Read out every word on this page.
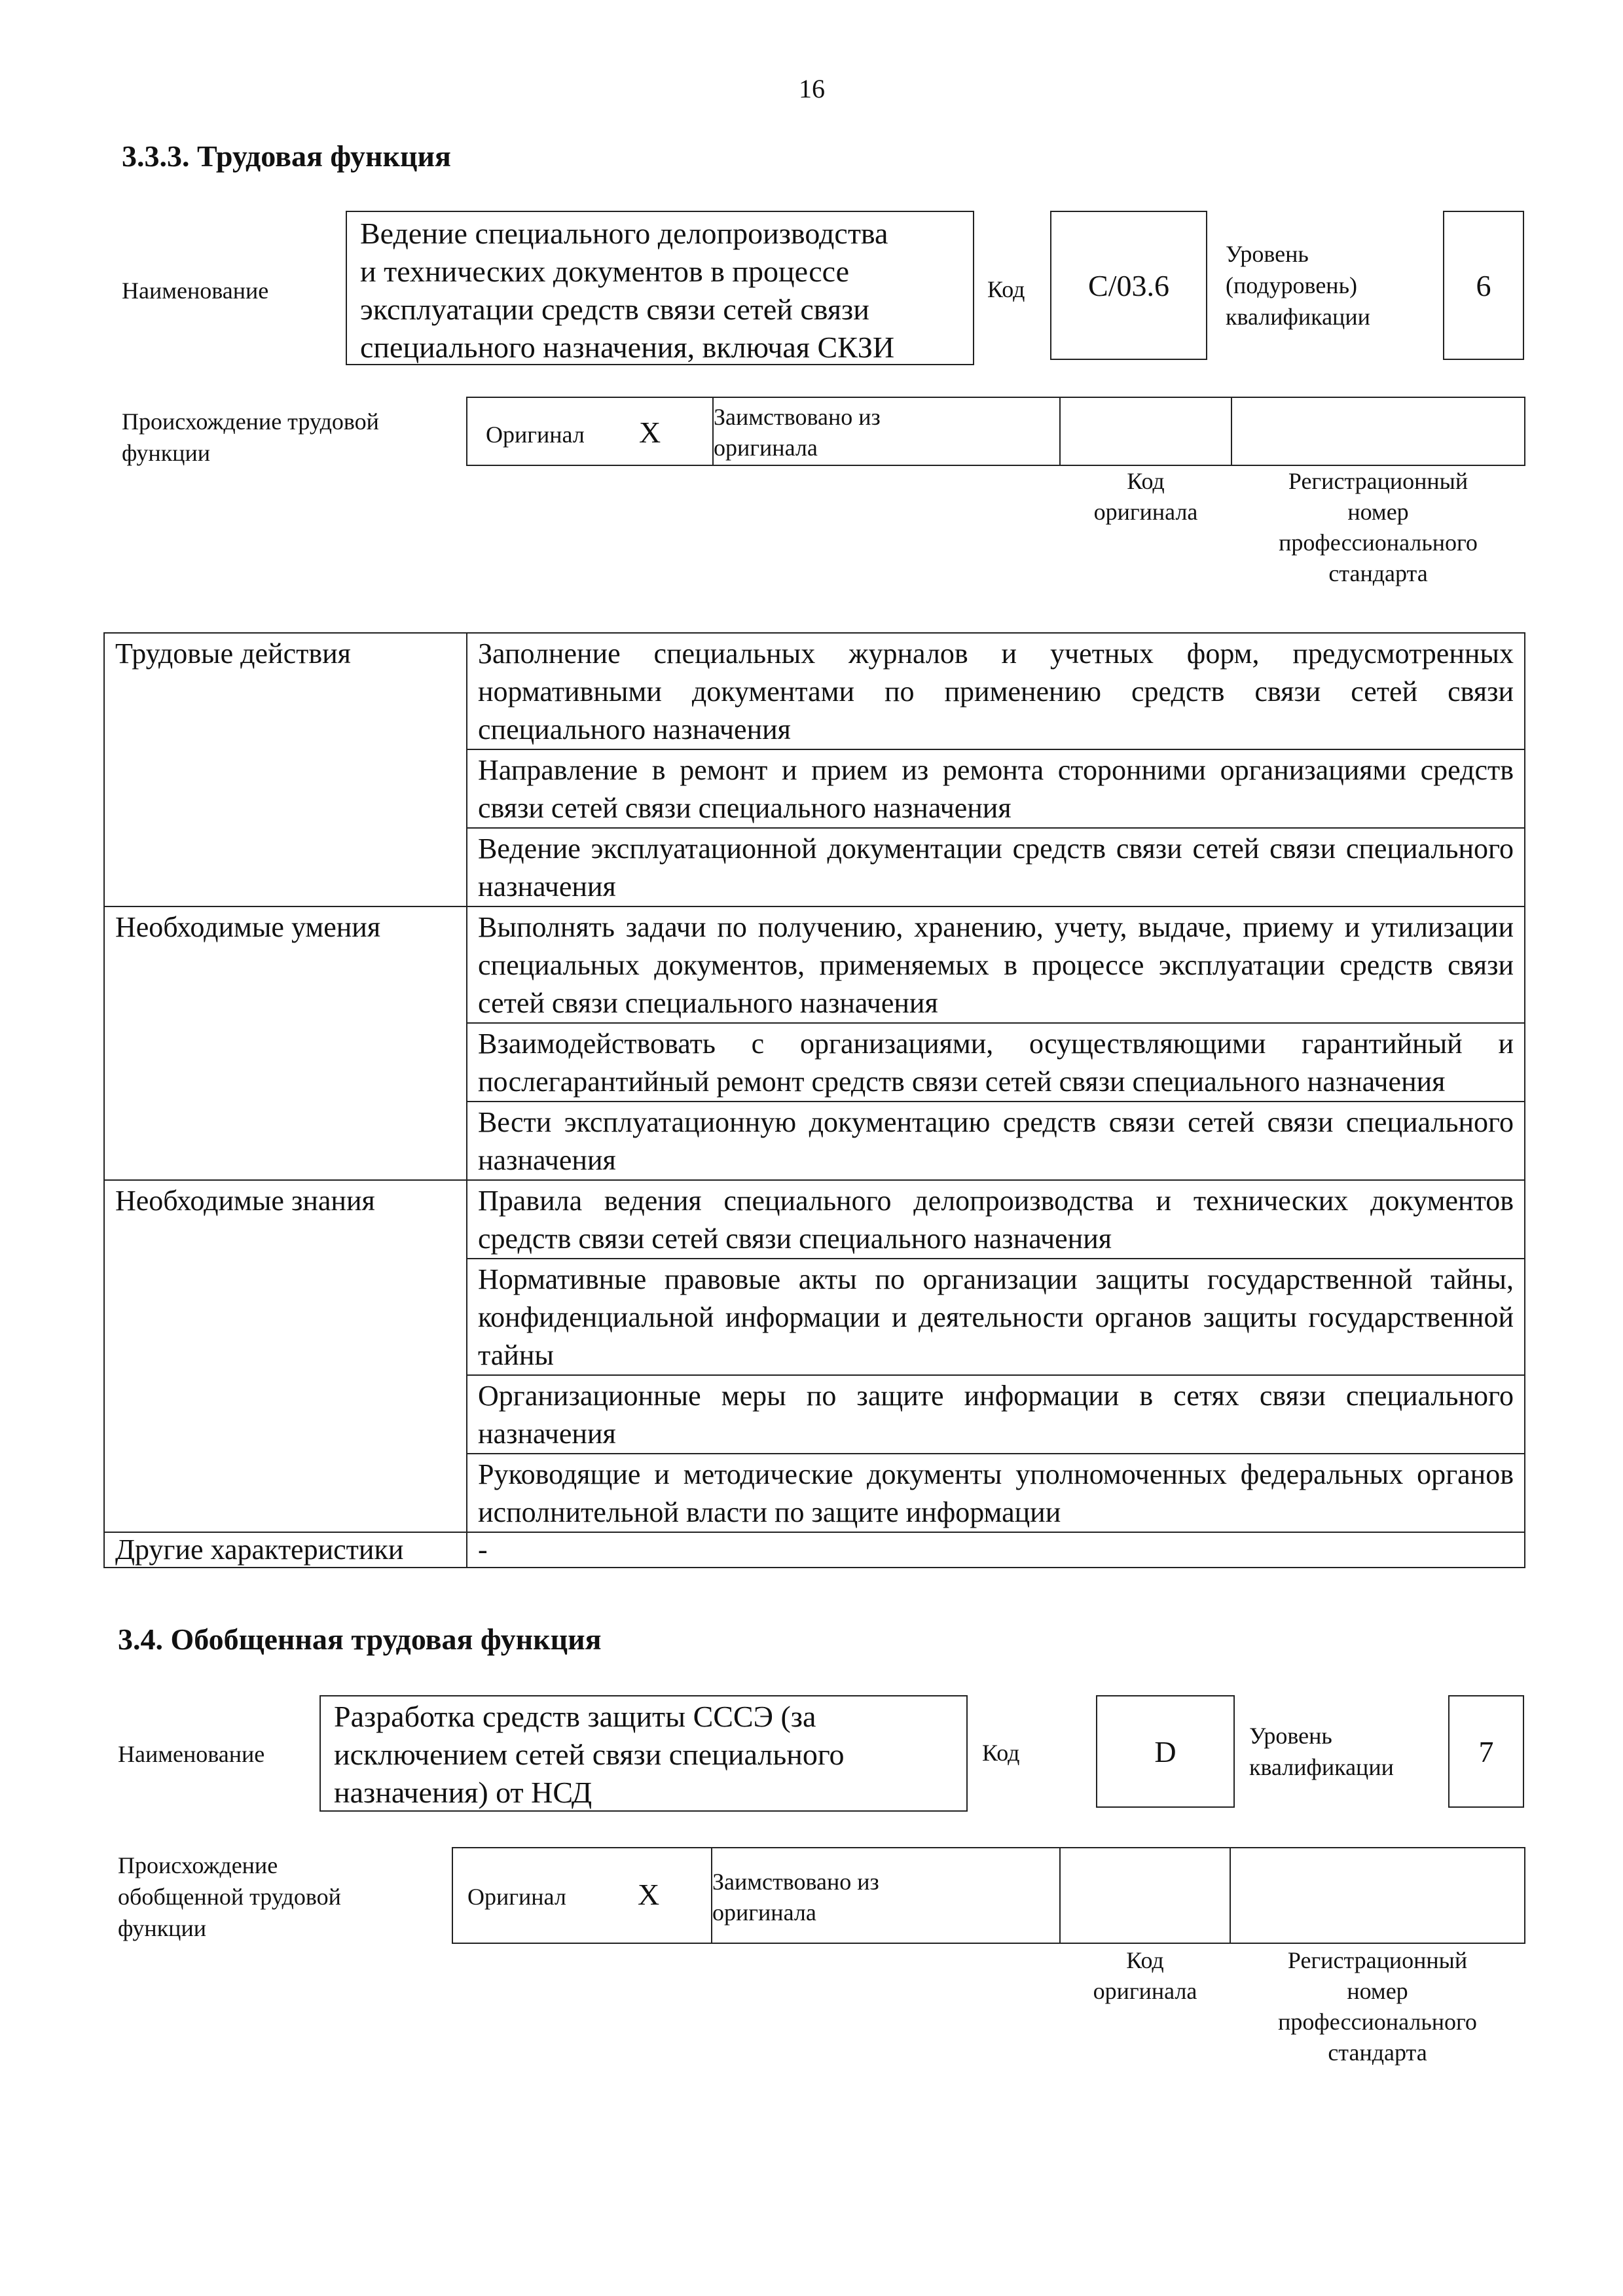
16
3.3.3. Трудовая функция
Наименование
Ведение специального делопроизводства
и технических документов в процессе
эксплуатации средств связи сетей связи
специального назначения, включая СКЗИ
Код C/03.6
Уровень
(подуровень)
квалификации
6
Происхождение трудовой
функции
Оригинал X Заимствовано из
оригинала
Код
оригинала
Регистрационный
номер
профессионального
стандарта
Трудовые действия	Заполнение специальных журналов и учетных форм, предусмотренных нормативными документами по применению средств связи сетей связи специального назначения
	Направление в ремонт и прием из ремонта сторонними организациями средств связи сетей связи специального назначения
	Ведение эксплуатационной документации средств связи сетей связи специального назначения
Необходимые умения	Выполнять задачи по получению, хранению, учету, выдаче, приему и утилизации специальных документов, применяемых в процессе эксплуатации средств связи сетей связи специального назначения
	Взаимодействовать с организациями, осуществляющими гарантийный и послегарантийный ремонт средств связи сетей связи специального назначения
	Вести эксплуатационную документацию средств связи сетей связи специального назначения
Необходимые знания	Правила ведения специального делопроизводства и технических документов средств связи сетей связи специального назначения
	Нормативные правовые акты по организации защиты государственной тайны, конфиденциальной информации и деятельности органов защиты государственной тайны
	Организационные меры по защите информации в сетях связи специального назначения
	Руководящие и методические документы уполномоченных федеральных органов исполнительной власти по защите информации
Другие характеристики	-
3.4. Обобщенная трудовая функция
Наименование
Разработка средств защиты СССЭ (за
исключением сетей связи специального
назначения) от НСД
Код	D	Уровень
квалификации	7
Происхождение
обобщенной трудовой
функции
Оригинал X Заимствовано из
оригинала
Код
оригинала
Регистрационный
номер
профессионального
стандарта
